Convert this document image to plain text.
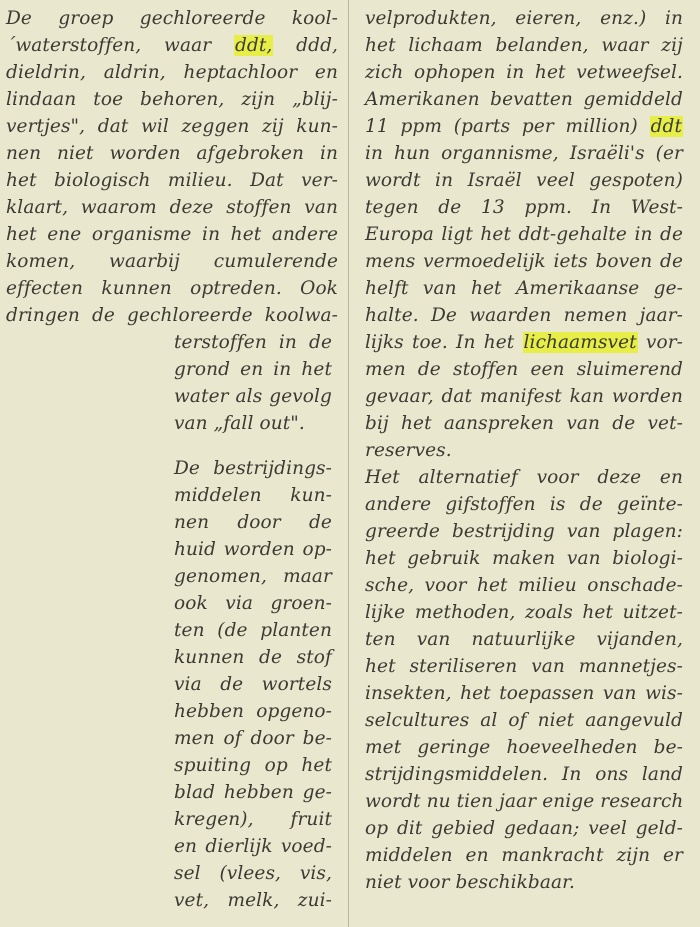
De groep gechloreerde kool-
´waterstoffen, waar ddt, ddd,
dieldrin, aldrin, heptachloor en
lindaan toe behoren, zijn „blij-
vertjes", dat wil zeggen zij kun-
nen niet worden afgebroken in
het biologisch milieu. Dat ver-
klaart, waarom deze stoffen van
het ene organisme in het andere
komen, waarbij cumulerende
effecten kunnen optreden. Ook
dringen de gechloreerde koolwa-
terstoffen in de
grond en in het
water als gevolg
van „fall out".
De bestrijdings-
middelen kun-
nen door de
huid worden op-
genomen, maar
ook via groen-
ten (de planten
kunnen de stof
via de wortels
hebben opgeno-
men of door be-
spuiting op het
blad hebben ge-
kregen), fruit
en dierlijk voed-
sel (vlees, vis,
vet, melk, zui-
velprodukten, eieren, enz.) in
het lichaam belanden, waar zij
zich ophopen in het vetweefsel.
Amerikanen bevatten gemiddeld
11 ppm (parts per million) ddt
in hun organnisme, Israëli's (er
wordt in Israël veel gespoten)
tegen de 13 ppm. In West-
Europa ligt het ddt-gehalte in de
mens vermoedelijk iets boven de
helft van het Amerikaanse ge-
halte. De waarden nemen jaar-
lijks toe. In het lichaamsvet vor-
men de stoffen een sluimerend
gevaar, dat manifest kan worden
bij het aanspreken van de vet-
reserves.
Het alternatief voor deze en
andere gifstoffen is de geïnte-
greerde bestrijding van plagen:
het gebruik maken van biologi-
sche, voor het milieu onschade-
lijke methoden, zoals het uitzet-
ten van natuurlijke vijanden,
het steriliseren van mannetjes-
insekten, het toepassen van wis-
selcultures al of niet aangevuld
met geringe hoeveelheden be-
strijdingsmiddelen. In ons land
wordt nu tien jaar enige research
op dit gebied gedaan; veel geld-
middelen en mankracht zijn er
niet voor beschikbaar.
